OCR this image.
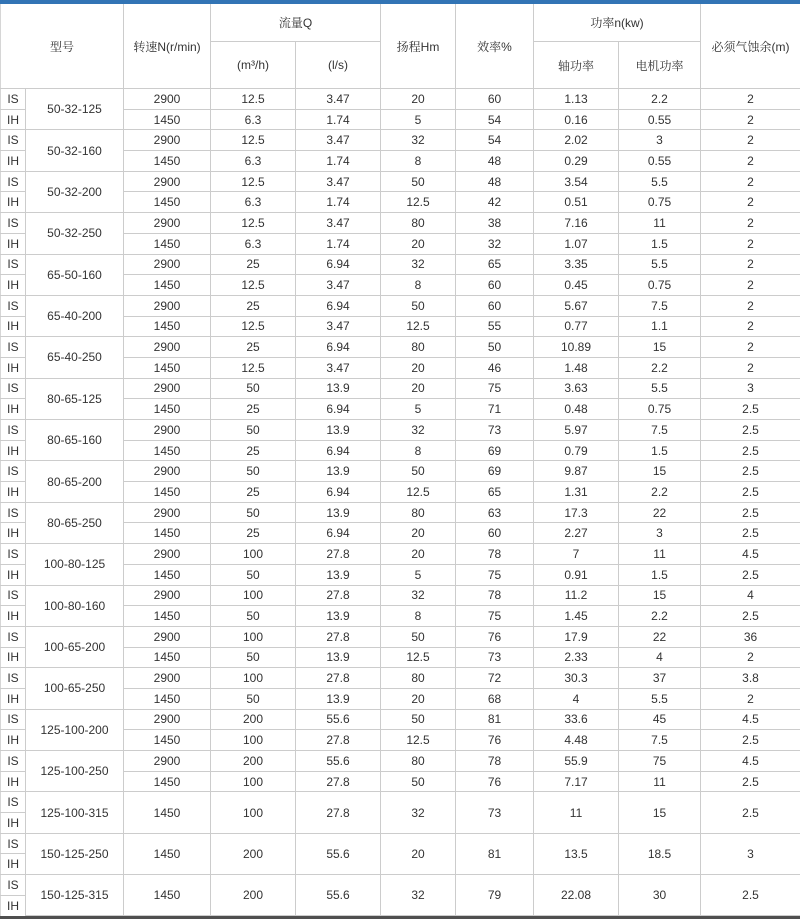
型号		转速N(r/min)	流量Q		扬程Hm	效率%	功率n(kw)		必须气蚀余(m)
			(m³/h)	(l/s)			轴功率	电机功率	
IS	50-32-125	2900	12.5	3.47	20	60	1.13	2.2	2
IH		1450	6.3	1.74	5	54	0.16	0.55	2
IS	50-32-160	2900	12.5	3.47	32	54	2.02	3	2
IH		1450	6.3	1.74	8	48	0.29	0.55	2
IS	50-32-200	2900	12.5	3.47	50	48	3.54	5.5	2
IH		1450	6.3	1.74	12.5	42	0.51	0.75	2
IS	50-32-250	2900	12.5	3.47	80	38	7.16	11	2
IH		1450	6.3	1.74	20	32	1.07	1.5	2
IS	65-50-160	2900	25	6.94	32	65	3.35	5.5	2
IH		1450	12.5	3.47	8	60	0.45	0.75	2
IS	65-40-200	2900	25	6.94	50	60	5.67	7.5	2
IH		1450	12.5	3.47	12.5	55	0.77	1.1	2
IS	65-40-250	2900	25	6.94	80	50	10.89	15	2
IH		1450	12.5	3.47	20	46	1.48	2.2	2
IS	80-65-125	2900	50	13.9	20	75	3.63	5.5	3
IH		1450	25	6.94	5	71	0.48	0.75	2.5
IS	80-65-160	2900	50	13.9	32	73	5.97	7.5	2.5
IH		1450	25	6.94	8	69	0.79	1.5	2.5
IS	80-65-200	2900	50	13.9	50	69	9.87	15	2.5
IH		1450	25	6.94	12.5	65	1.31	2.2	2.5
IS	80-65-250	2900	50	13.9	80	63	17.3	22	2.5
IH		1450	25	6.94	20	60	2.27	3	2.5
IS	100-80-125	2900	100	27.8	20	78	7	11	4.5
IH		1450	50	13.9	5	75	0.91	1.5	2.5
IS	100-80-160	2900	100	27.8	32	78	11.2	15	4
IH		1450	50	13.9	8	75	1.45	2.2	2.5
IS	100-65-200	2900	100	27.8	50	76	17.9	22	36
IH		1450	50	13.9	12.5	73	2.33	4	2
IS	100-65-250	2900	100	27.8	80	72	30.3	37	3.8
IH		1450	50	13.9	20	68	4	5.5	2
IS	125-100-200	2900	200	55.6	50	81	33.6	45	4.5
IH		1450	100	27.8	12.5	76	4.48	7.5	2.5
IS	125-100-250	2900	200	55.6	80	78	55.9	75	4.5
IH		1450	100	27.8	50	76	7.17	11	2.5
IS	125-100-315	1450	100	27.8	32	73	11	15	2.5
IH									
IS	150-125-250	1450	200	55.6	20	81	13.5	18.5	3
IH									
IS	150-125-315	1450	200	55.6	32	79	22.08	30	2.5
IH									
